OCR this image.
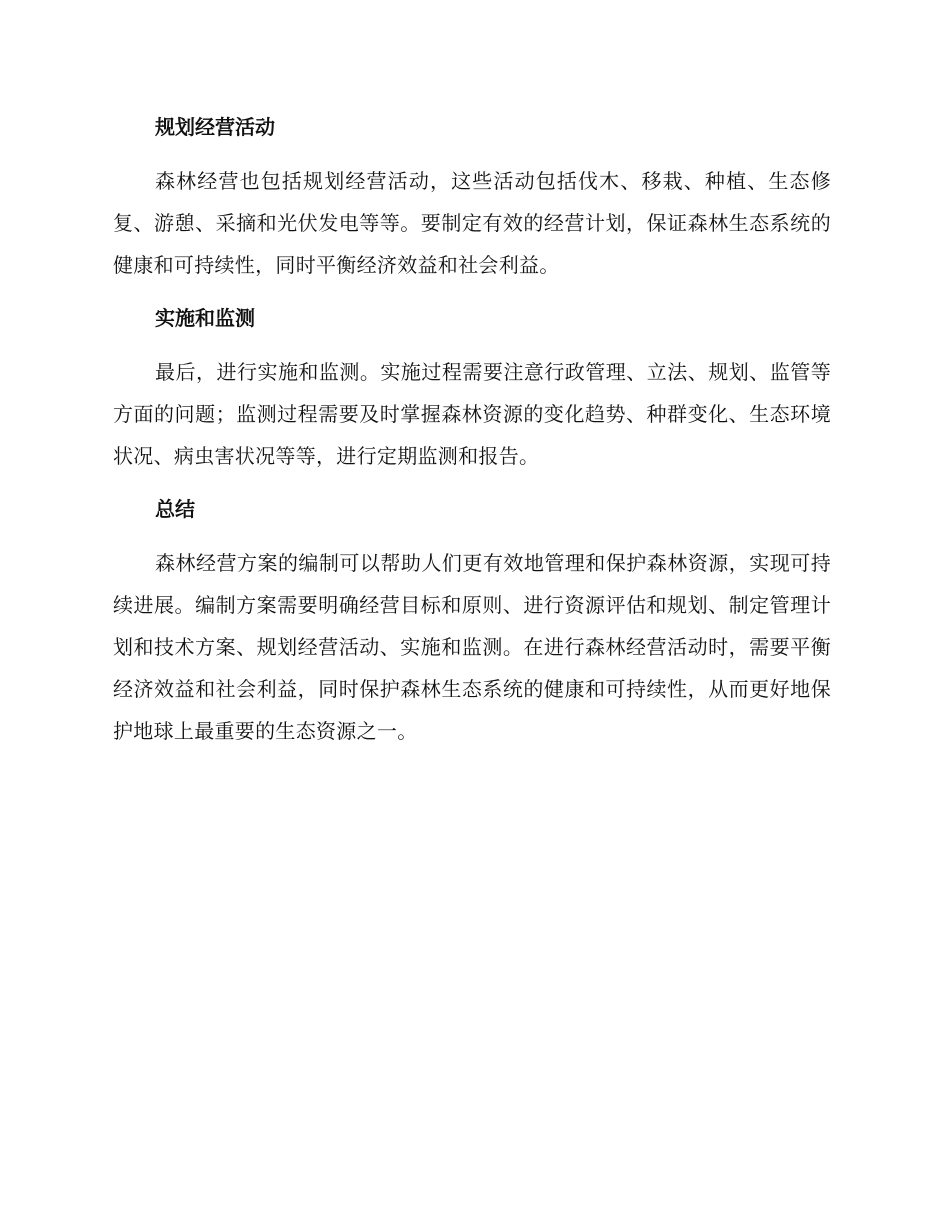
规划经营活动

森林经营也包括规划经营活动，这些活动包括伐木、移栽、种植、生态修复、游憩、采摘和光伏发电等等。要制定有效的经营计划，保证森林生态系统的健康和可持续性，同时平衡经济效益和社会利益。

实施和监测

最后，进行实施和监测。实施过程需要注意行政管理、立法、规划、监管等方面的问题；监测过程需要及时掌握森林资源的变化趋势、种群变化、生态环境状况、病虫害状况等等，进行定期监测和报告。

总结

森林经营方案的编制可以帮助人们更有效地管理和保护森林资源，实现可持续进展。编制方案需要明确经营目标和原则、进行资源评估和规划、制定管理计划和技术方案、规划经营活动、实施和监测。在进行森林经营活动时，需要平衡经济效益和社会利益，同时保护森林生态系统的健康和可持续性，从而更好地保护地球上最重要的生态资源之一。
